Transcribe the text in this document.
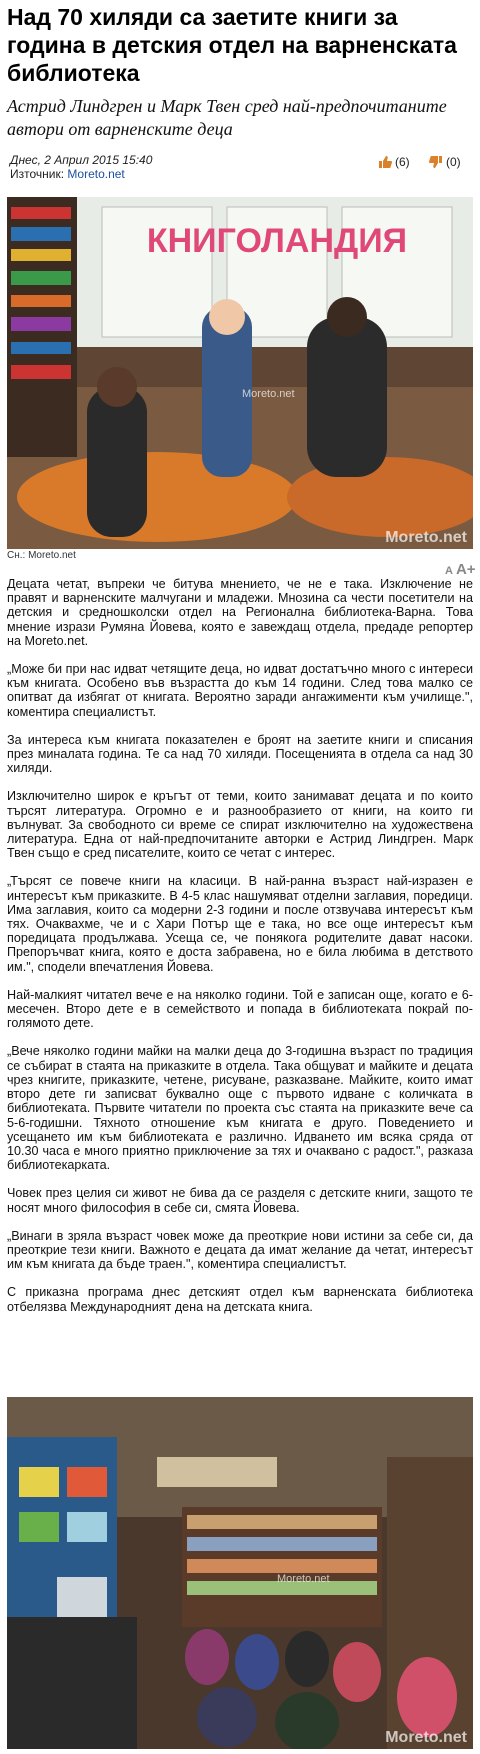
Над 70 хиляди са заетите книги за година в детския отдел на варненската библиотека
Астрид Линдгрен и Марк Твен сред най-предпочитаните автори от варненските деца
Днес, 2 Април 2015 15:40
Източник: Moreto.net
(6)	(0)
КНИГОЛАНДИЯ
Moreto.net
Moreto.net
Сн.: Moreto.net
A A+

Децата четат, въпреки че битува мнението, че не е така. Изключение не правят и варненските малчугани и младежи. Мнозина са чести посетители на детския и средношколски отдел на Регионална библиотека-Варна. Това мнение изрази Румяна Йовева, която е завеждащ отдела, предаде репортер на Moreto.net.

„Може би при нас идват четящите деца, но идват достатъчно много с интереси към книгата. Особено във възрастта до към 14 години. След това малко се опитват да избягат от книгата. Вероятно заради ангажименти към училище.", коментира специалистът.

За интереса към книгата показателен е броят на заетите книги и списания през миналата година. Те са над 70 хиляди. Посещенията в отдела са над 30 хиляди.

Изключително широк е кръгът от теми, които занимават децата и по които търсят литература. Огромно е и разнообразието от книги, на които ги вълнуват. За свободното си време се спират изключително на художествена литература. Една от най-предпочитаните авторки е Астрид Линдгрен. Марк Твен също е сред писателите, които се четат с интерес.

„Търсят се повече книги на класици. В най-ранна възраст най-изразен е интересът към приказките. В 4-5 клас нашумяват отделни заглавия, поредици. Има заглавия, които са модерни 2-3 години и после отзвучава интересът към тях. Очаквахме, че и с Хари Потър ще е така, но все още интересът към поредицата продължава. Усеща се, че понякога родителите дават насоки. Препоръчват книга, която е доста забравена, но е била любима в детството им.", сподели впечатления Йовева.

Най-малкият читател вече е на няколко години. Той е записан още, когато е 6-месечен. Второ дете е в семейството и попада в библиотеката покрай по-голямото дете.

„Вече няколко години майки на малки деца до 3-годишна възраст по традиция се събират в стаята на приказките в отдела. Така общуват и майките и децата чрез книгите, приказките, четене, рисуване, разказване. Майките, които имат второ дете ги записват буквално още с първото идване с количката в библиотеката. Първите читатели по проекта със стаята на приказките вече са 5-6-годишни. Тяхното отношение към книгата е друго. Поведението и усещането им към библиотеката е различно. Идването им всяка сряда от 10.30 часа е много приятно приключение за тях и очаквано с радост.", разказа библиотекарката.

Човек през целия си живот не бива да се разделя с детските книги, защото те носят много философия в себе си, смята Йовева.

„Винаги в зряла възраст човек може да преоткрие нови истини за себе си, да преоткрие тези книги. Важното е децата да имат желание да четат, интересът им към книгата да бъде траен.", коментира специалистът.

С приказна програма днес детският отдел към варненската библиотека отбелязва Международният дена на детската книга.

Moreto.net
Moreto.net
